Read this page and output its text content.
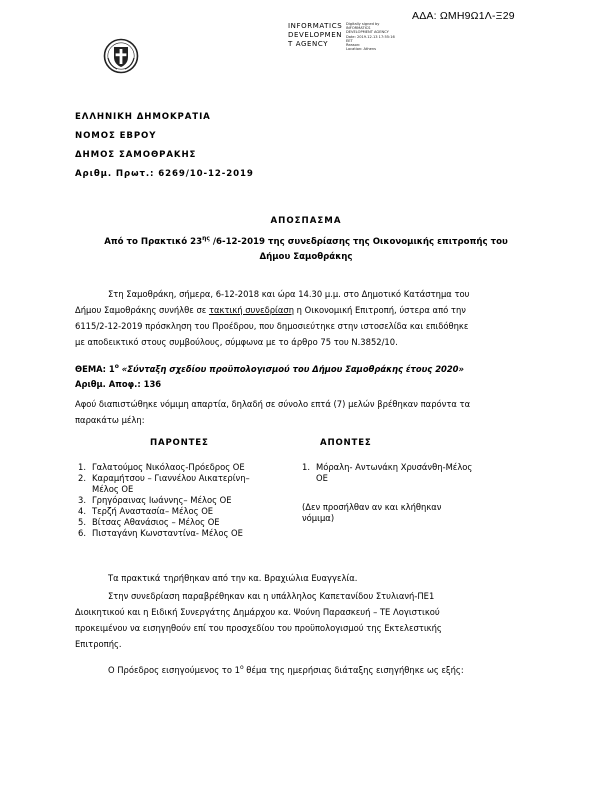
ΑΔΑ: ΩΜΗ9Ω1Λ-Ξ29
INFORMATICS
DEVELOPMEN
T AGENCY
Digitally signed by
INFORMATICS
DEVELOPMENT AGENCY
Date: 2019.12.13 17:55:16
EET
Reason:
Location: Athens
ΕΛΛΗΝΙΚΗ ΔΗΜΟΚΡΑΤΙΑ
ΝΟΜΟΣ ΕΒΡΟΥ
ΔΗΜΟΣ ΣΑΜΟΘΡΑΚΗΣ
Αριθμ. Πρωτ.: 6269/10-12-2019
ΑΠΟΣΠΑΣΜΑ
Από το Πρακτικό $23^{\eta\varsigma}$ /6-12-2019 της συνεδρίασης της Οικονομικής επιτροπής του
Δήμου Σαμοθράκης
Στη Σαμοθράκη, σήμερα, 6-12-2018 και ώρα 14.30 μ.μ. στο Δημοτικό Κατάστημα του
Δήμου Σαμοθράκης συνήλθε σε τακτική συνεδρίαση η Οικονομική Επιτροπή, ύστερα από την
6115/2-12-2019 πρόσκληση του Προέδρου, που δημοσιεύτηκε στην ιστοσελίδα και επιδόθηκε
με αποδεικτικό στους συμβούλους, σύμφωνα με το άρθρο 75 του Ν.3852/10.
ΘΕΜΑ: $1^o$ «Σύνταξη σχεδίου προϋπολογισμού του Δήμου Σαμοθράκης έτους 2020»
Αριθμ. Αποφ.: 136
Αφού διαπιστώθηκε νόμιμη απαρτία, δηλαδή σε σύνολο επτά (7) μελών βρέθηκαν παρόντα τα
παρακάτω μέλη:
ΠΑΡΟΝΤΕΣ	ΑΠΟΝΤΕΣ
1. Γαλατούμος Νικόλαος-Πρόεδρος ΟΕ
2. Καραμήτσου – Γιαννέλου Αικατερίνη–
Μέλος ΟΕ
3. Γρηγόραινας Ιωάννης– Μέλος ΟΕ
4. Τερζή Αναστασία– Μέλος ΟΕ
5. Βίτσας Αθανάσιος – Μέλος ΟΕ
6. Πισταγάνη Κωνσταντίνα- Μέλος ΟΕ
1. Μόραλη- Αντωνάκη Χρυσάνθη-Μέλος
ΟΕ
(Δεν προσήλθαν αν και κλήθηκαν
νόμιμα)
Τα πρακτικά τηρήθηκαν από την κα. Βραχιώλια Ευαγγελία.
Στην συνεδρίαση παραβρέθηκαν και η υπάλληλος Καπετανίδου Στυλιανή-ΠΕ1
Διοικητικού και η Ειδική Συνεργάτης Δημάρχου κα. Ψούνη Παρασκευή – ΤΕ Λογιστικού
προκειμένου να εισηγηθούν επί του προσχεδίου του προϋπολογισμού της Εκτελεστικής
Επιτροπής.
Ο Πρόεδρος εισηγούμενος το $1^o$ θέμα της ημερήσιας διάταξης εισηγήθηκε ως εξής:
